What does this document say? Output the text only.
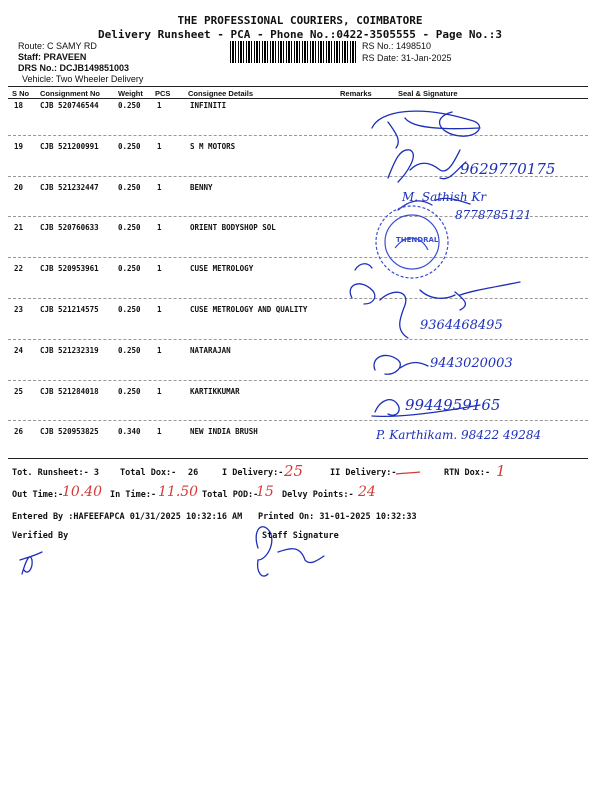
THE PROFESSIONAL COURIERS, COIMBATORE
Delivery Runsheet - PCA - Phone No.:0422-3505555 - Page No.:3
Route: C SAMY RD
Staff: PRAVEEN
DRS No.: DCJB149851003
Vehicle: Two Wheeler Delivery
RS No.: 1498510
RS Date: 31-Jan-2025
S No Consignment No Weight PCS Consignee Details	Remarks	Seal & Signature
18 CJB 520746544	0.250 1	INFINITI
19 CJB 521200991	0.250 1	S M MOTORS
20 CJB 521232447	0.250 1	BENNY
21 CJB 520760633	0.250 1	ORIENT BODYSHOP SOL
22 CJB 520953961	0.250 1	CUSE METROLOGY
23 CJB 521214575	0.250 1	CUSE METROLOGY AND QUALITY
24 CJB 521232319	0.250 1	NATARAJAN
25 CJB 521284018	0.250 1	KARTIKKUMAR
26 CJB 520953825	0.340 1	NEW INDIA BRUSH
9629770175
M. Sathish Kr
8778785121
THENDRAL
9364468495
9443020003
9944959165
P. Karthikam. 98422 49284
Tot. Runsheet:- 3 Total Dox:- 26	I Delivery:- 25	II Delivery:-	RTN Dox:- 1
Out Time:-
10.40 In Time:- 11.50 Total POD:-
15 Delvy Points:- 24
Entered By :HAFEEFAPCA 01/31/2025 10:32:16 AM Printed On: 31-01-2025 10:32:33
Verified By	Staff Signature
